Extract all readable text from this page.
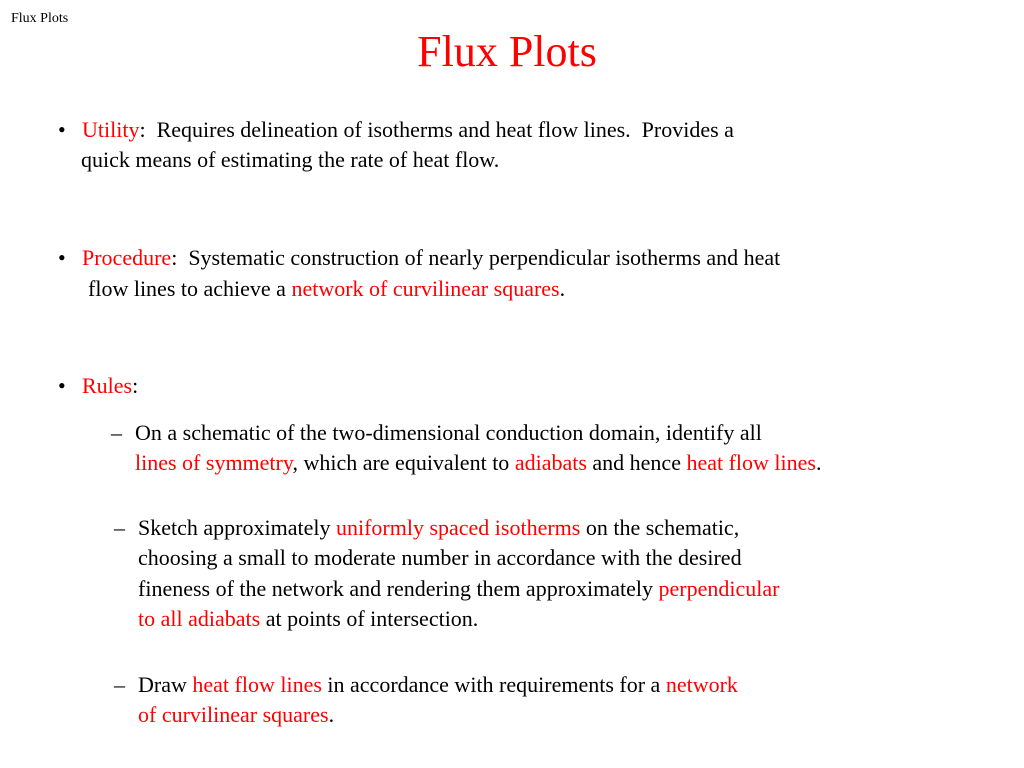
Flux Plots
Flux Plots
• Utility:  Requires delineation of isotherms and heat flow lines.  Provides a
quick means of estimating the rate of heat flow.
• Procedure:  Systematic construction of nearly perpendicular isotherms and heat
flow lines to achieve a network of curvilinear squares.
• Rules:
– On a schematic of the two-dimensional conduction domain, identify all
lines of symmetry, which are equivalent to adiabats and hence heat flow lines.
– Sketch approximately uniformly spaced isotherms on the schematic,
choosing a small to moderate number in accordance with the desired
fineness of the network and rendering them approximately perpendicular
to all adiabats at points of intersection.
– Draw heat flow lines in accordance with requirements for a network
of curvilinear squares.
